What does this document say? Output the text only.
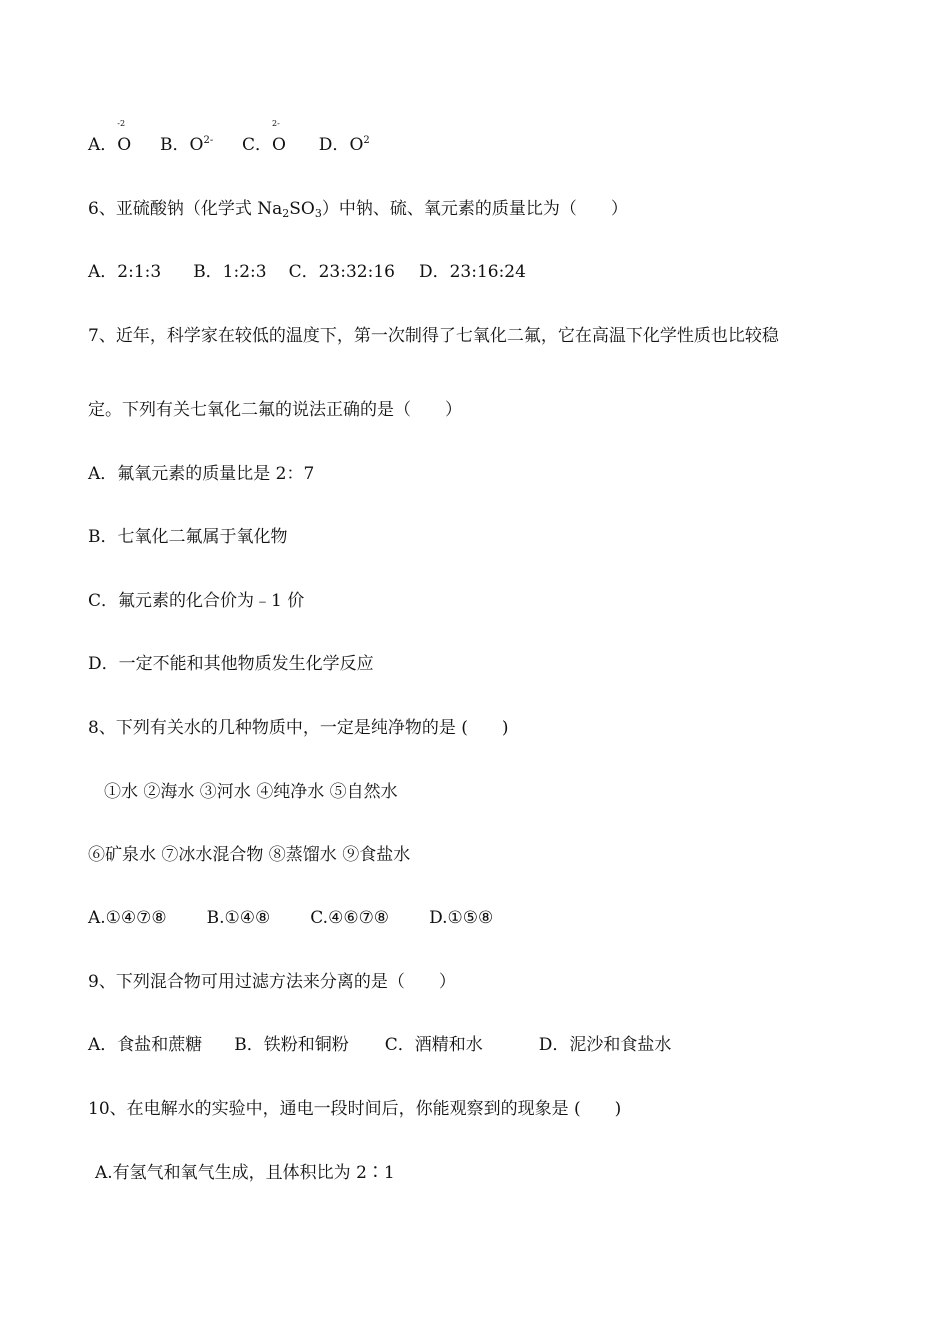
A．
-2
O B．$O^{2-}$ C．
2-
O D．$O^2$
6、亚硫酸钠（化学式 $Na_2SO_3$）中钠、硫、氧元素的质量比为（　　）
A．2:1:3 B．1:2:3 C．23:32:16 D．23:16:24
7、近年，科学家在较低的温度下，第一次制得了七氧化二氟，它在高温下化学性质也比较稳
定。下列有关七氧化二氟的说法正确的是（　　）
A．氟氧元素的质量比是 2：7
B．七氧化二氟属于氧化物
C．氟元素的化合价为﹣1 价
D．一定不能和其他物质发生化学反应
8、下列有关水的几种物质中，一定是纯净物的是 (　　)
①水 ②海水 ③河水 ④纯净水 ⑤自然水
⑥矿泉水 ⑦冰水混合物 ⑧蒸馏水 ⑨食盐水
A.①④⑦⑧ B.①④⑧ C.④⑥⑦⑧ D.①⑤⑧
9、下列混合物可用过滤方法来分离的是（　　）
A．食盐和蔗糖 B．铁粉和铜粉 C．酒精和水	D．泥沙和食盐水
10、在电解水的实验中，通电一段时间后，你能观察到的现象是 (　　)
A.有氢气和氧气生成，且体积比为 2∶1
